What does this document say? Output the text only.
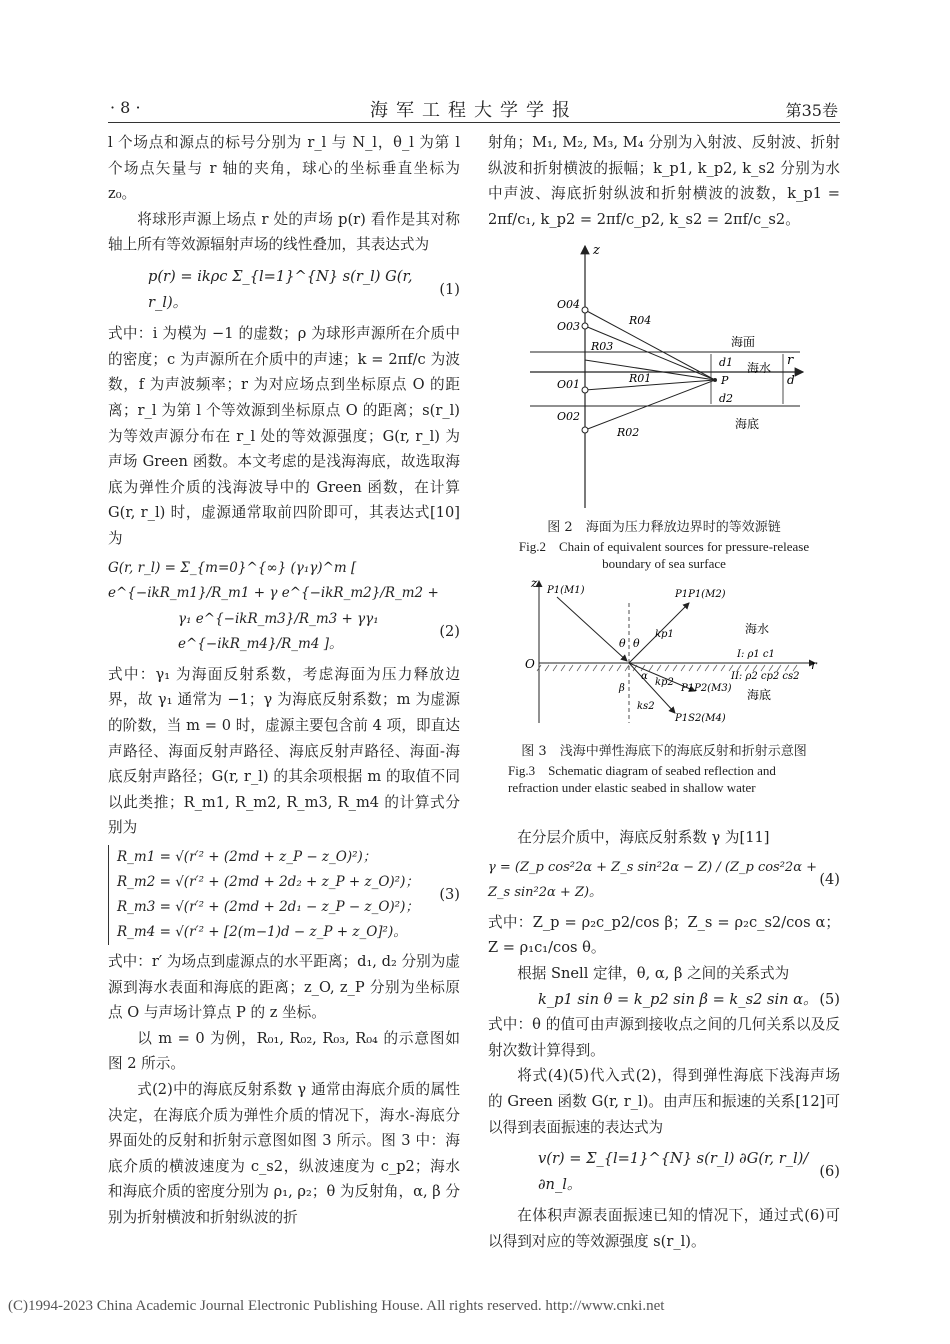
· 8 ·	海军工程大学学报	第35卷

l 个场点和源点的标号分别为 r_l 与 N_l，θ_l 为第 l 个场点矢量与 r 轴的夹角，球心的坐标垂直坐标为 z₀。

将球形声源上场点 r 处的声场 p(r) 看作是其对称轴上所有等效源辐射声场的线性叠加，其表达式为

p(r) = ikρc Σ_{l=1}^{N} s(r_l) G(r, r_l)。
(1)

式中：i 为模为 −1 的虚数；ρ 为球形声源所在介质中的密度；c 为声源所在介质中的声速；k = 2πf/c 为波数，f 为声波频率；r 为对应场点到坐标原点 O 的距离；r_l 为第 l 个等效源到坐标原点 O 的距离；s(r_l) 为等效声源分布在 r_l 处的等效源强度；G(r, r_l) 为声场 Green 函数。本文考虑的是浅海海底，故选取海底为弹性介质的浅海波导中的 Green 函数，在计算 G(r, r_l) 时，虚源通常取前四阶即可，其表达式[10]为

G(r, r_l) = Σ_{m=0}^{∞} (γ₁γ)^m [ e^{−ikR_m1}/R_m1 + γ e^{−ikR_m2}/R_m2 +
γ₁ e^{−ikR_m3}/R_m3 + γγ₁ e^{−ikR_m4}/R_m4 ]。
(2)

式中：γ₁ 为海面反射系数，考虑海面为压力释放边界，故 γ₁ 通常为 −1；γ 为海底反射系数；m 为虚源的阶数，当 m = 0 时，虚源主要包含前 4 项，即直达声路径、海面反射声路径、海底反射声路径、海面-海底反射声路径；G(r, r_l) 的其余项根据 m 的取值不同以此类推；R_m1, R_m2, R_m3, R_m4 的计算式分别为

R_m1 = √(r′² + (2md + z_P − z_O)²)；
R_m2 = √(r′² + (2md + 2d₂ + z_P + z_O)²)；
R_m3 = √(r′² + (2md + 2d₁ − z_P − z_O)²)；
R_m4 = √(r′² + [2(m−1)d − z_P + z_O]²)。
(3)

式中：r′ 为场点到虚源点的水平距离；d₁, d₂ 分别为虚源到海水表面和海底的距离；z_O, z_P 分别为坐标原点 O 与声场计算点 P 的 z 坐标。

以 m = 0 为例，R₀₁, R₀₂, R₀₃, R₀₄ 的示意图如图 2 所示。

式(2)中的海底反射系数 γ 通常由海底介质的属性决定，在海底介质为弹性介质的情况下，海水-海底分界面处的反射和折射示意图如图 3 所示。图 3 中：海底介质的横波速度为 c_s2，纵波速度为 c_p2；海水和海底介质的密度分别为 ρ₁, ρ₂；θ 为反射角，α, β 分别为折射横波和折射纵波的折

射角；M₁, M₂, M₃, M₄ 分别为入射波、反射波、折射纵波和折射横波的振幅；k_p1, k_p2, k_s2 分别为水中声波、海底折射纵波和折射横波的波数，k_p1 = 2πf/c₁, k_p2 = 2πf/c_p2, k_s2 = 2πf/c_s2。

z
r
海面
海水
海底
O04
O03
O01
O02
R04
R03
R01
R02
P
d1
d2
d
图 2　海面为压力释放边界时的等效源链
Fig.2　Chain of equivalent sources for pressure-release boundary of sea surface
z
r
O
P1(M1)	P1P1(M2)
kp1
θ θ
α
β
海水
I: ρ1 c1
II: ρ2 cp2 cs2
kp2
ks2
P1P2(M3)
P1S2(M4)
海底
图 3　浅海中弹性海底下的海底反射和折射示意图
Fig.3　Schematic diagram of seabed reflection and refraction under elastic seabed in shallow water

在分层介质中，海底反射系数 γ 为[11]

γ = (Z_p cos²2α + Z_s sin²2α − Z) / (Z_p cos²2α + Z_s sin²2α + Z)。
(4)

式中：Z_p = ρ₂c_p2/cos β；Z_s = ρ₂c_s2/cos α；Z = ρ₁c₁/cos θ。

根据 Snell 定律，θ, α, β 之间的关系式为

k_p1 sin θ = k_p2 sin β = k_s2 sin α。 (5)

式中：θ 的值可由声源到接收点之间的几何关系以及反射次数计算得到。

将式(4)(5)代入式(2)，得到弹性海底下浅海声场的 Green 函数 G(r, r_l)。由声压和振速的关系[12]可以得到表面振速的表达式为

v(r) = Σ_{l=1}^{N} s(r_l) ∂G(r, r_l)/∂n_l。
(6)

在体积声源表面振速已知的情况下，通过式(6)可以得到对应的等效源强度 s(r_l)。

(C)1994-2023 China Academic Journal Electronic Publishing House. All rights reserved. http://www.cnki.net
